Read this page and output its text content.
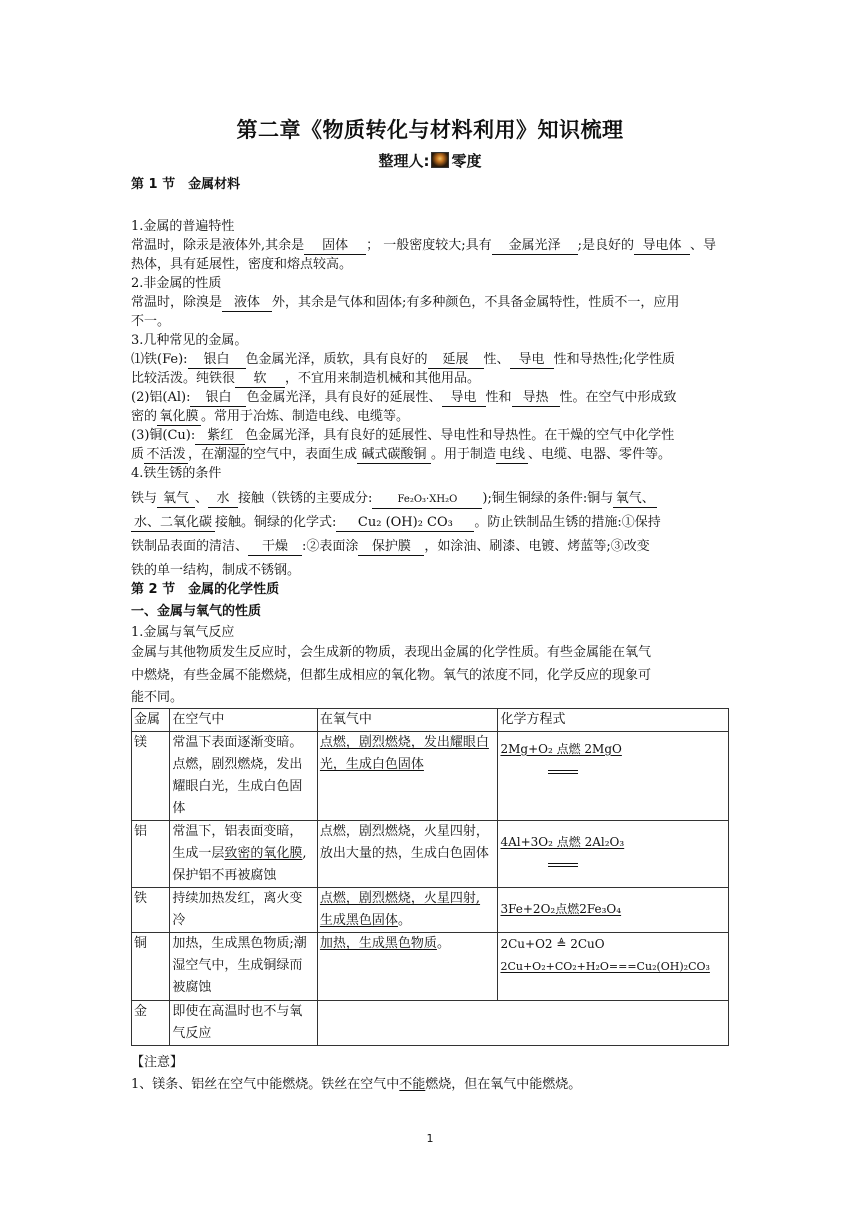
第二章《物质转化与材料利用》知识梳理
整理人: 零度
第 1 节　金属材料
1.金属的普遍特性
常温时，除汞是液体外,其余是 固体 ； 一般密度较大;具有 金属光泽 ;是良好的 导电体 、导
热体，具有延展性，密度和熔点较高。
2.非金属的性质
常温时，除溴是 液体 外，其余是气体和固体;有多种颜色，不具备金属特性，性质不一，应用
不一。
3.几种常见的金属。
⑴铁(Fe): 银白 色金属光泽，质软，具有良好的 延展 性、 导电 性和导热性;化学性质
比较活泼。纯铁很 软 ，不宜用来制造机械和其他用品。
(2)铝(Al): 银白 色金属光泽，具有良好的延展性、 导电 性和 导热 性。在空气中形成致
密的 氧化膜 。常用于冶炼、制造电线、电缆等。
(3)铜(Cu): 紫红 色金属光泽，具有良好的延展性、导电性和导热性。在干燥的空气中化学性
质 不活泼 ，在潮湿的空气中，表面生成 碱式碳酸铜 。用于制造 电线 、电缆、电器、零件等。
4.铁生锈的条件
铁与 氧气 、 水 接触（铁锈的主要成分:	Fe₂O₃·XH₂O );铜生铜绿的条件:铜与 氧气、
水、二氧化碳 接触。铜绿的化学式: Cu₂ (OH)₂ CO₃ 。防止铁制品生锈的措施:①保持
铁制品表面的清洁、 干燥 :②表面涂 保护膜 ，如涂油、刷漆、电镀、烤蓝等;③改变
铁的单一结构，制成不锈钢。
第 2 节　金属的化学性质
一、金属与氧气的性质
1.金属与氧气反应
金属与其他物质发生反应时，会生成新的物质，表现出金属的化学性质。有些金属能在氧气
中燃烧，有些金属不能燃烧，但都生成相应的氧化物。氧气的浓度不同，化学反应的现象可
能不同。
金属	在空气中	在氧气中	化学方程式
镁	常温下表面逐渐变暗。点燃，剧烈燃烧，发出耀眼白光，生成白色固体	点燃，剧烈燃烧，发出耀眼白光，生成白色固体	2Mg+O₂ 点燃 2MgO

铝	常温下，铝表面变暗，生成一层致密的氧化膜,保护铝不再被腐蚀	点燃，剧烈燃烧，火星四射，放出大量的热，生成白色固体	4Al+3O₂ 点燃 2Al₂O₃

铁	持续加热发红，离火变冷	点燃，剧烈燃烧，火星四射,
生成黑色固体。	3Fe+2O₂点燃2Fe₃O₄
铜	加热，生成黑色物质;潮湿空气中，生成铜绿而被腐蚀	加热，生成黑色物质。	2Cu+O2 ≜ 2CuO
2Cu+O₂+CO₂+H₂O===Cu₂(OH)₂CO₃
金	即使在高温时也不与氧气反应		
【注意】
1、镁条、铝丝在空气中能燃烧。铁丝在空气中不能燃烧，但在氧气中能燃烧。
1
